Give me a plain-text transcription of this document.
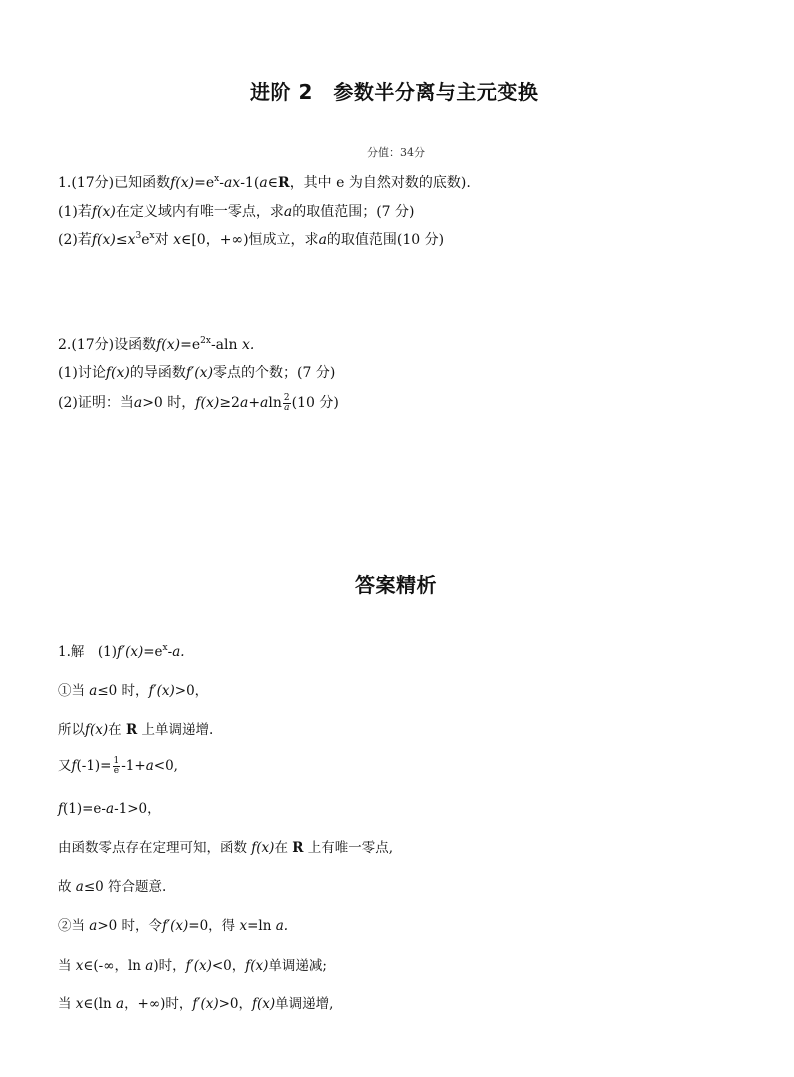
进阶 2　参数半分离与主元变换
分值：34分
1.(17分)已知函数$f(x)=e^x-ax-1(a\in R$，其中 e 为自然对数的底数).
(1)若f(x)在定义域内有唯一零点，求a的取值范围；(7 分)
(2)若$f(x)\le x^3e^x$对 x∈[0，+∞)恒成立，求a的取值范围(10 分)
2.(17分)设函数$f(x)=e^{2x}$-aln x.
(1)讨论f(x)的导函数f′(x)零点的个数；(7 分)
(2)证明：当a>0 时，$f(x)\ge 2a+aln \frac{2}{a} (10$ 分)
答案精析
1.解　$(1)f'(x)=e^x-a$.
①当 a≤0 时，f′(x)>0，
所以f(x)在 R 上单调递增.
又$f(-1)= \frac{1}{e} -1+a<0$,
f(1)=e-a-1>0，
由函数零点存在定理可知，函数 f(x)在 R 上有唯一零点,
故 a≤0 符合题意.
②当 a>0 时，令f′(x)=0，得 x=ln a.
当 x∈(-∞，ln a)时，f′(x)<0，f(x)单调递减;
当 x∈(ln a，+∞)时，f′(x)>0，f(x)单调递增,
